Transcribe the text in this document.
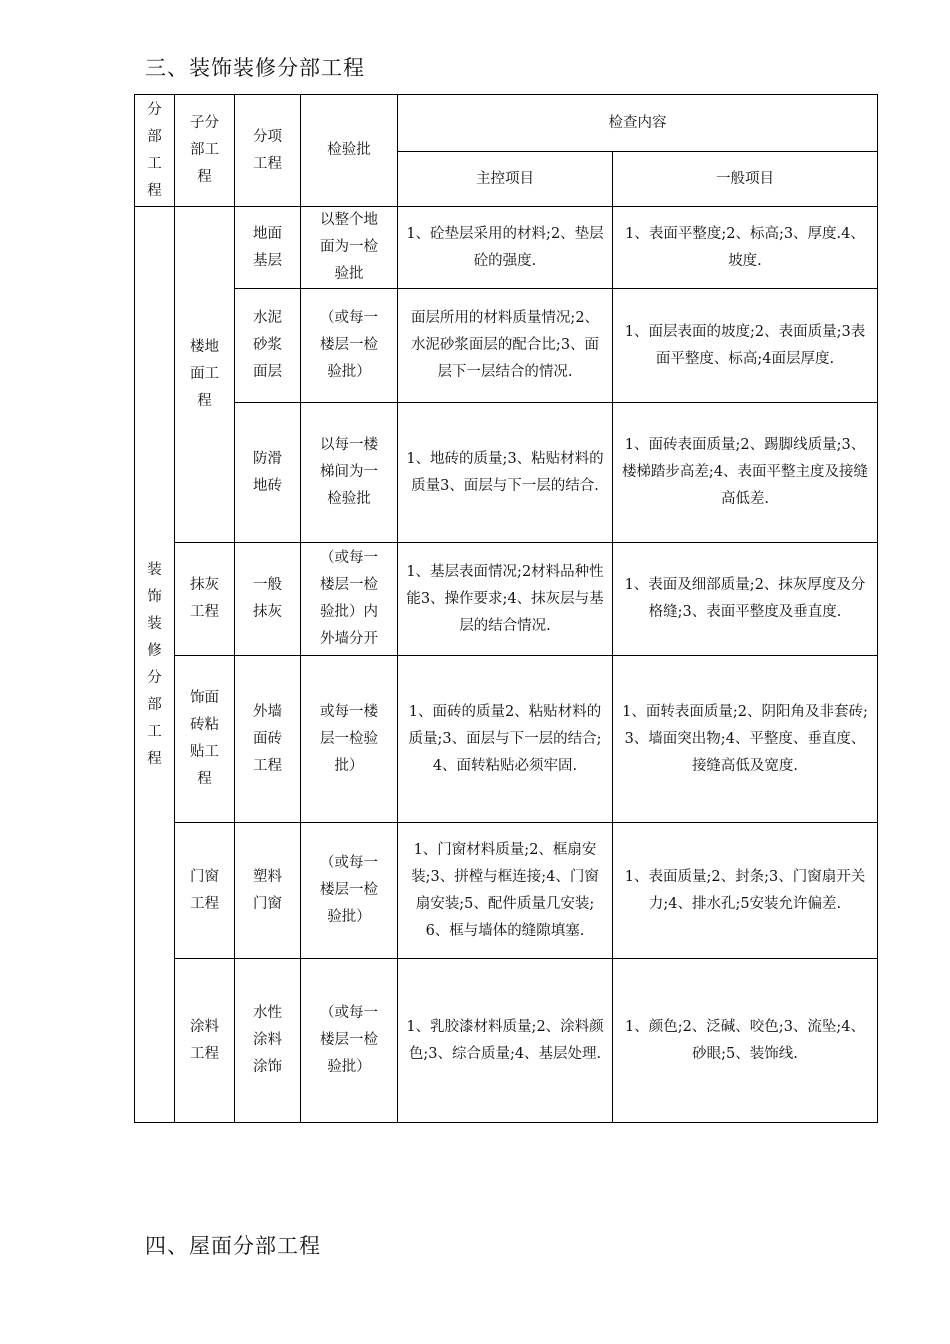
三、装饰装修分部工程
分部工程	子分部工程	分项工程	检验批	检查内容	
				主控项目	一般项目

装饰装修分部工程	楼地面工程	地面基层	以整个地面为一检验批	1、砼垫层采用的材料;2、垫层砼的强度.	1、表面平整度;2、标高;3、厚度.4、坡度.

		水泥砂浆面层	（或每一楼层一检验批）	面层所用的材料质量情况;2、水泥砂浆面层的配合比;3、面层下一层结合的情况.	1、面层表面的坡度;2、表面质量;3表面平整度、标高;4面层厚度.

		防滑地砖	以每一楼梯间为一检验批	1、地砖的质量;3、粘贴材料的质量3、面层与下一层的结合.	1、面砖表面质量;2、踢脚线质量;3、楼梯踏步高差;4、表面平整主度及接缝高低差.

	抹灰工程	一般抹灰	（或每一楼层一检验批）内外墙分开	1、基层表面情况;2材料品种性能3、操作要求;4、抹灰层与基层的结合情况.	1、表面及细部质量;2、抹灰厚度及分格缝;3、表面平整度及垂直度.

	饰面砖粘贴工程	外墙面砖工程	或每一楼层一检验批）	1、面砖的质量2、粘贴材料的质量;3、面层与下一层的结合;4、面转粘贴必须牢固.	1、面转表面质量;2、阴阳角及非套砖;3、墙面突出物;4、平整度、垂直度、接缝高低及宽度.

	门窗工程	塑料门窗	（或每一楼层一检验批）	1、门窗材料质量;2、框扇安装;3、拼樘与框连接;4、门窗扇安装;5、配件质量几安装;6、框与墙体的缝隙填塞.	1、表面质量;2、封条;3、门窗扇开关力;4、排水孔;5安装允许偏差.

	涂料工程	水性涂料涂饰	（或每一楼层一检验批）	1、乳胶漆材料质量;2、涂料颜色;3、综合质量;4、基层处理.	1、颜色;2、泛碱、咬色;3、流坠;4、砂眼;5、装饰线.
四、屋面分部工程
